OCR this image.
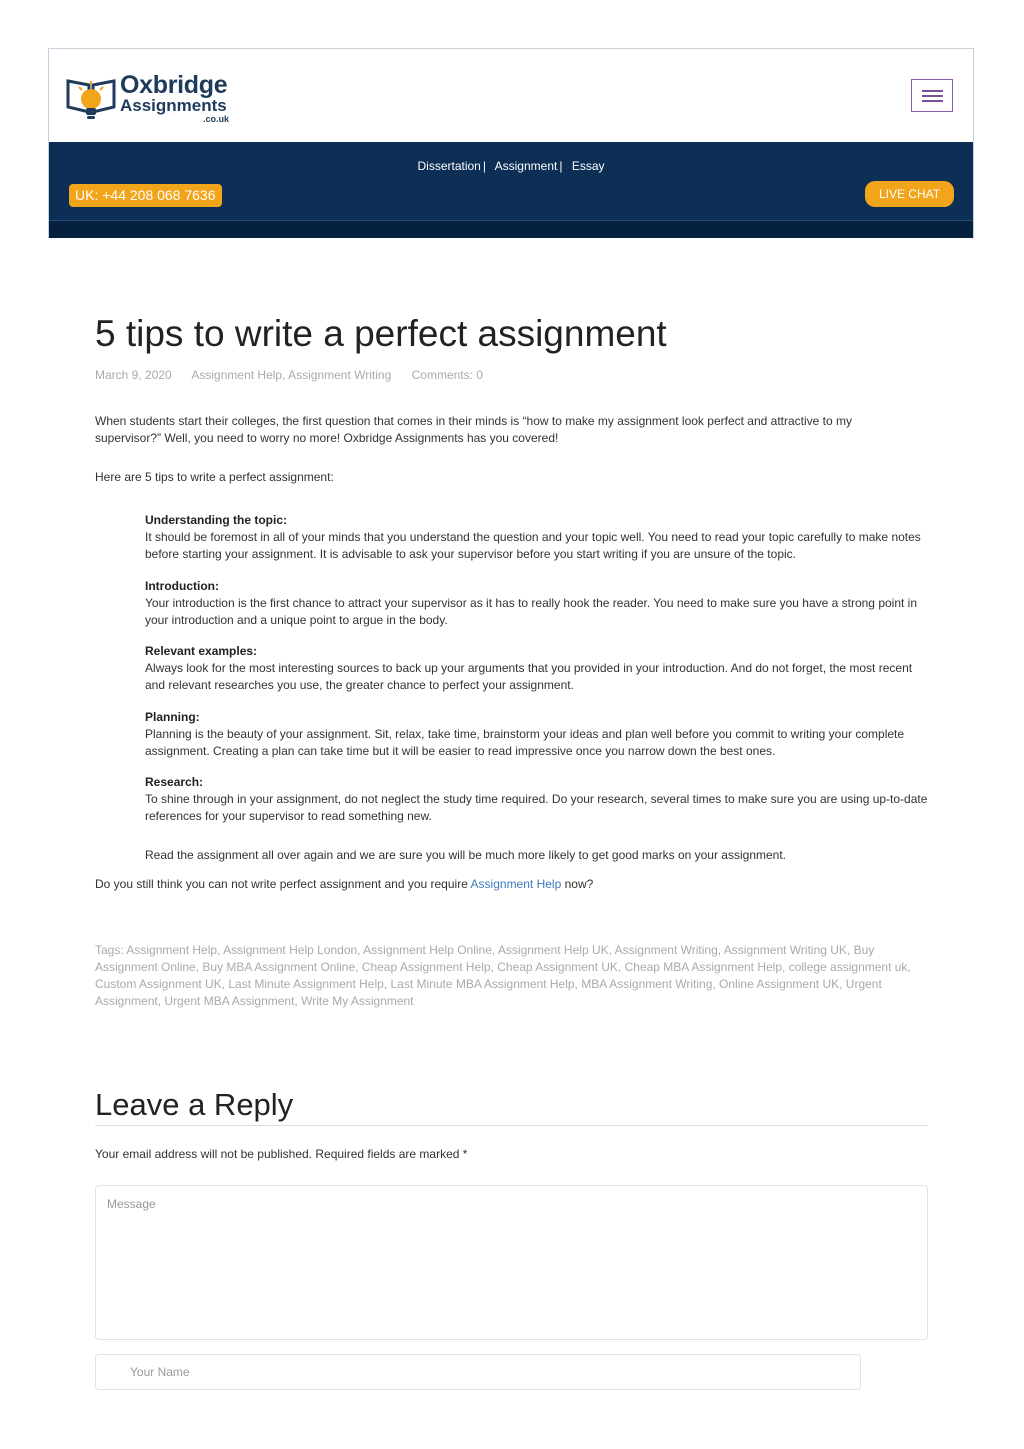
Oxbridge
Assignments
.co.uk
Dissertation | Assignment | Essay
UK: +44 208 068 7636	LIVE CHAT
5 tips to write a perfect assignment
March 9, 2020 Assignment Help, Assignment Writing Comments: 0

When students start their colleges, the first question that comes in their minds is “how to make my assignment look perfect and attractive to my supervisor?” Well, you need to worry no more! Oxbridge Assignments has you covered!

Here are 5 tips to write a perfect assignment:

Understanding the topic:
It should be foremost in all of your minds that you understand the question and your topic well. You need to read your topic carefully to make notes before starting your assignment. It is advisable to ask your supervisor before you start writing if you are unsure of the topic.
Introduction:
Your introduction is the first chance to attract your supervisor as it has to really hook the reader. You need to make sure you have a strong point in your introduction and a unique point to argue in the body.
Relevant examples:
Always look for the most interesting sources to back up your arguments that you provided in your introduction. And do not forget, the most recent and relevant researches you use, the greater chance to perfect your assignment.
Planning:
Planning is the beauty of your assignment. Sit, relax, take time, brainstorm your ideas and plan well before you commit to writing your complete assignment. Creating a plan can take time but it will be easier to read impressive once you narrow down the best ones.
Research:
To shine through in your assignment, do not neglect the study time required. Do your research, several times to make sure you are using up-to-date references for your supervisor to read something new.

Read the assignment all over again and we are sure you will be much more likely to get good marks on your assignment.

Do you still think you can not write perfect assignment and you require Assignment Help now?

Tags: Assignment Help, Assignment Help London, Assignment Help Online, Assignment Help UK, Assignment Writing, Assignment Writing UK, Buy Assignment Online, Buy MBA Assignment Online, Cheap Assignment Help, Cheap Assignment UK, Cheap MBA Assignment Help, college assignment uk, Custom Assignment UK, Last Minute Assignment Help, Last Minute MBA Assignment Help, MBA Assignment Writing, Online Assignment UK, Urgent Assignment, Urgent MBA Assignment, Write My Assignment
Leave a Reply
Your email address will not be published. Required fields are marked *
Message
Your Name
